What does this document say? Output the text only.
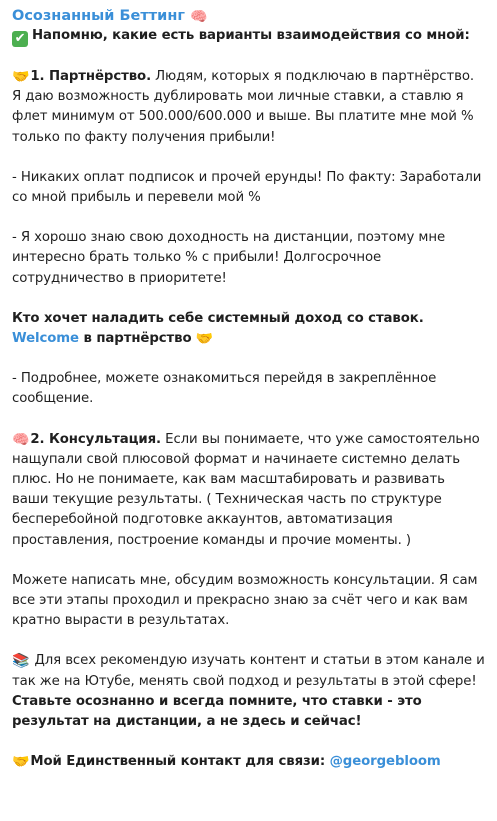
Осознанный Беттинг 🧠

✔ Напомню, какие есть варианты взаимодействия со мной:

🤝1. Партнёрство. Людям, которых я подключаю в партнёрство. Я даю возможность дублировать мои личные ставки, а ставлю я флет минимум от 500.000/600.000 и выше. Вы платите мне мой % только по факту получения прибыли!

- Никаких оплат подписок и прочей ерунды! По факту: Заработали со мной прибыль и перевели мой %

- Я хорошо знаю свою доходность на дистанции, поэтому мне интересно брать только % с прибыли! Долгосрочное сотрудничество в приоритете!

Кто хочет наладить себе системный доход со ставок. Welcome в партнёрство 🤝

- Подробнее, можете ознакомиться перейдя в закреплённое сообщение.

🧠2. Консультация. Если вы понимаете, что уже самостоятельно нащупали свой плюсовой формат и начинаете системно делать плюс. Но не понимаете, как вам масштабировать и развивать ваши текущие результаты. ( Техническая часть по структуре бесперебойной подготовке аккаунтов, автоматизация проставления, построение команды и прочие моменты. )

Можете написать мне, обсудим возможность консультации. Я сам все эти этапы проходил и прекрасно знаю за счёт чего и как вам кратно вырасти в результатах.

📚 Для всех рекомендую изучать контент и статьи в этом канале и так же на Ютубе, менять свой подход и результаты в этой сфере! Ставьте осознанно и всегда помните, что ставки - это результат на дистанции, а не здесь и сейчас!

🤝Мой Единственный контакт для связи: @georgebloom
